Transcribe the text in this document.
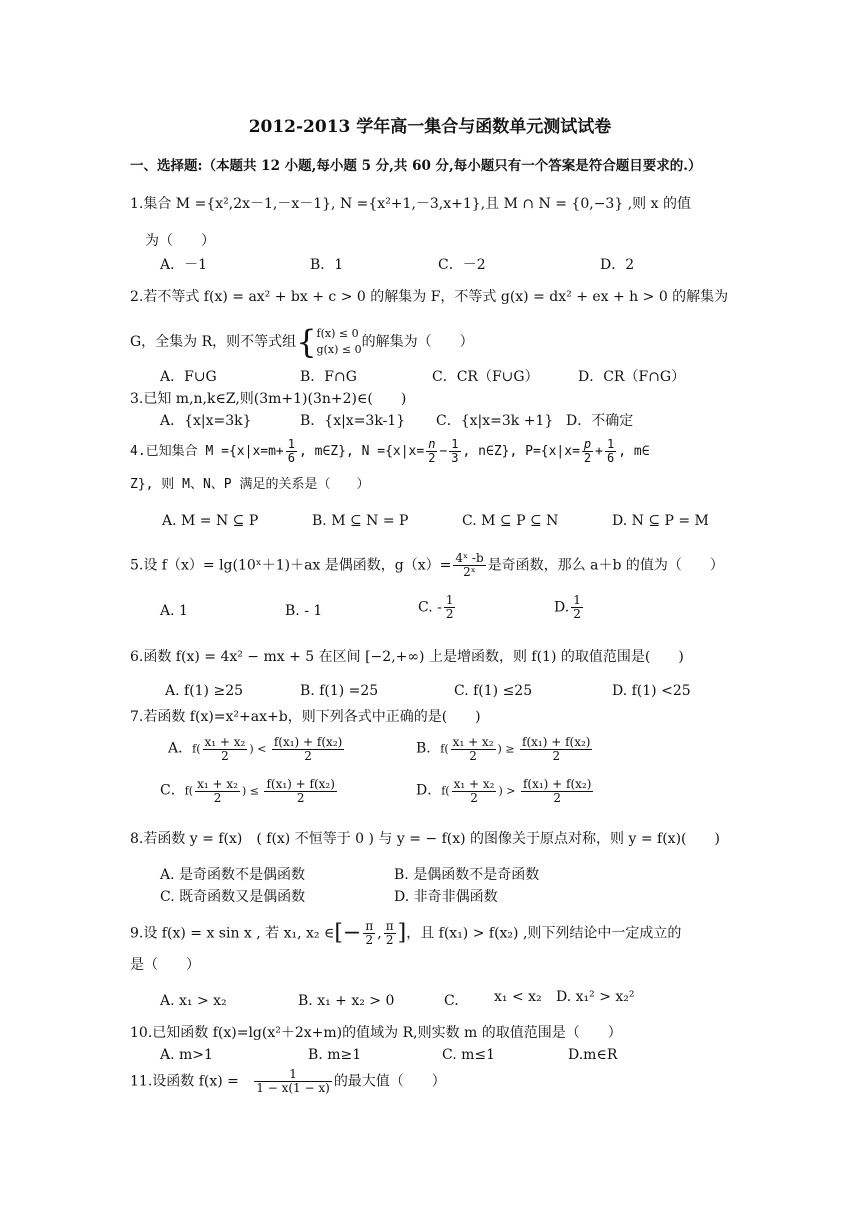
2012-2013 学年高一集合与函数单元测试试卷
一、选择题:（本题共 12 小题,每小题 5 分,共 60 分,每小题只有一个答案是符合题目要求的.）
1.集合 M ={x²,2x－1,－x－1}, N ={x²+1,－3,x+1},且 M ∩ N = {0,−3} ,则 x 的值
为（　　）
A．－1	B．1	C．－2	D．2
2.若不等式 f(x) = ax² + bx + c > 0 的解集为 F，不等式 g(x) = dx² + ex + h > 0 的解集为
G，全集为 R，则不等式组{ f(x) ≤ 0
g(x) ≤ 0 的解集为（　　）
A．F∪G	B．F∩G	C．CR（F∪G）	D．CR（F∩G）
3.已知 m,n,k∈Z,则(3m+1)(3n+2)∈(　　)
A．{x|x=3k}	B．{x|x=3k-1} C．{x|x=3k +1} D．不确定
4.已知集合 $M =\{x|x=m+ \frac{1}{6}$ , m∈Z}, $N =\{x|x= \frac{n}{2} - \frac{1}{3}$ , n∈Z}, $P=\{x|x= \frac{p}{2} + \frac{1}{6}$ , m∈
Z}, 则 M、N、P 满足的关系是（　　）
A. M = N ⊆ P	B. M ⊆ N = P	C. M ⊆ P ⊆ N	D. N ⊆ P = M
5.设 f（x）= lg(10ˣ＋1)＋ax 是偶函数，$g(x)= \frac{\text{4ˣ -b}}{\text{2ˣ}}$ 是奇函数，那么 a＋b 的值为（　　）
A. 1	B. - 1	C. - $\frac{1}{2}$	D. $\frac{1}{2}$
6.函数 f(x) = 4x² − mx + 5 在区间 [−2,+∞) 上是增函数，则 f(1) 的取值范围是(　　)
A. f(1) ≥25	B. f(1) =25	C. f(1) ≤25	D. f(1) <25
7.若函数 f(x)=x²+ax+b，则下列各式中正确的是(　　)
A．$f( \frac{\text{x₁ + x₂}}{2}$ ) < $\frac{\text{f(x₁) + f(x₂)}}{2}$	B．$f( \frac{\text{x₁ + x₂}}{2}$ ) ≥ $\frac{\text{f(x₁) + f(x₂)}}{2}$
C．$f( \frac{\text{x₁ + x₂}}{2}$ ) ≤ $\frac{\text{f(x₁) + f(x₂)}}{2}$	D．$f( \frac{\text{x₁ + x₂}}{2}$ ) > $\frac{\text{f(x₁) + f(x₂)}}{2}$
8.若函数 y = f(x)　( f(x) 不恒等于 0 ) 与 y = − f(x) 的图像关于原点对称，则 y = f(x)(　　)
A. 是奇函数不是偶函数	B. 是偶函数不是奇函数
C. 既奇函数又是偶函数	D. 非奇非偶函数
9.设 f(x) = x sin x , 若 x₁, x₂ ∈[− $\frac{\pi}{2}$ , $\frac{\pi}{2}$ ]，且 f(x₁) > f(x₂) ,则下列结论中一定成立的
是（　　）
A. x₁ > x₂	B. x₁ + x₂ > 0	C.	x₁ < x₂ D. x₁² > x₂²
10.已知函数 f(x)=lg(x²＋2x+m)的值域为 R,则实数 m 的取值范围是（　　）
A. m>1	B. m≥1	C. m≤1	D.m∈R
11.设函数 $f(x) = \frac{1}{1 - x(1 - x)}$ 的最大值（　　）
